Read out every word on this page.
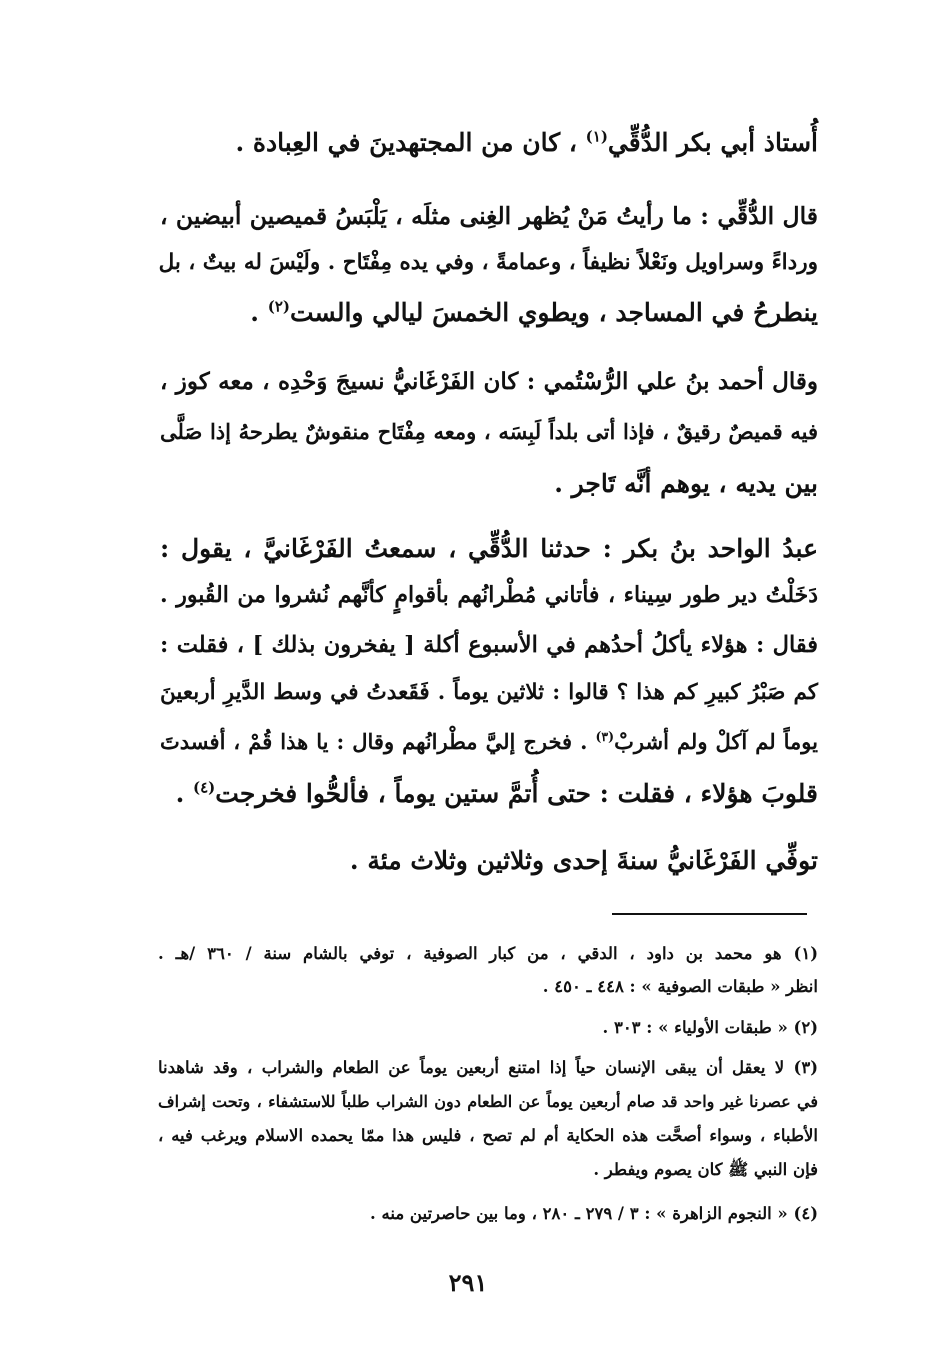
أُستاذ أبي بكر الدُّقِّي$^{(١)}$ ، كان من المجتهدينَ في العِبادة .
قال الدُّقِّي : ما رأيتُ مَنْ يُظهر الغِنى مثلَه ، يَلْبَسُ قميصين أبيضين ،
ورداءً وسراويل ونَعْلاً نظيفاً ، وعمامةً ، وفي يده مِفْتَاح . ولَيْسَ له بيتٌ ، بل
ينطرحُ في المساجد ، ويطوي الخمسَ ليالي والست$^{(٢)}$ .
وقال أحمد بنُ علي الرُّسْتُمي : كان الفَرْغَانيُّ نسيجَ وَحْدِه ، معه كوز ،
فيه قميصٌ رقيقٌ ، فإذا أتى بلداً لَبِسَه ، ومعه مِفْتَاح منقوشٌ يطرحهُ إذا صَلَّى
بين يديه ، يوهم أنَّه تَاجر .
عبدُ الواحد بنُ بكر : حدثنا الدُّقِّي ، سمعتُ الفَرْغَانيَّ ، يقول :
دَخَلْتُ دير طور سِيناء ، فأتاني مُطْرانُهم بأقوامٍ كأنَّهم نُشروا من القُبور .
فقال : هؤلاء يأكلُ أحدُهم في الأسبوع أكلة [ يفخرون بذلك ] ، فقلت :
كم صَبْرُ كبيرِ كم هذا ؟ قالوا : ثلاثين يوماً . فَقَعدتُ في وسط الدَّيرِ أربعينَ
يوماً لم آكلْ ولم أشربْ$^{(٣)}$ . فخرج إليَّ مطْرانُهم وقال : يا هذا قُمْ ، أفسدتَ
قلوبَ هؤلاء ، فقلت : حتى أُتمَّ ستين يوماً ، فألحُّوا فخرجت$^{(٤)}$ .
توفِّي الفَرْغَانيُّ سنةَ إحدى وثلاثين وثلاث مئة .
(١) هو محمد بن داود ، الدقي ، من كبار الصوفية ، توفي بالشام سنة / ٣٦٠ /هـ .
انظر « طبقات الصوفية » : ٤٤٨ ـ ٤٥٠ .
(٢) « طبقات الأولياء » : ٣٠٣ .
(٣) لا يعقل أن يبقى الإنسان حياً إذا امتنع أربعين يوماً عن الطعام والشراب ، وقد شاهدنا
في عصرنا غير واحد قد صام أربعين يوماً عن الطعام دون الشراب طلباً للاستشفاء ، وتحت إشراف
الأطباء ، وسواء أصحَّت هذه الحكاية أم لم تصح ، فليس هذا ممّا يحمده الاسلام ويرغب فيه ،
فإن النبي ﷺ كان يصوم ويفطر .
(٤) « النجوم الزاهرة » : ٣ / ٢٧٩ ـ ٢٨٠ ، وما بين حاصرتين منه .
٢٩١
